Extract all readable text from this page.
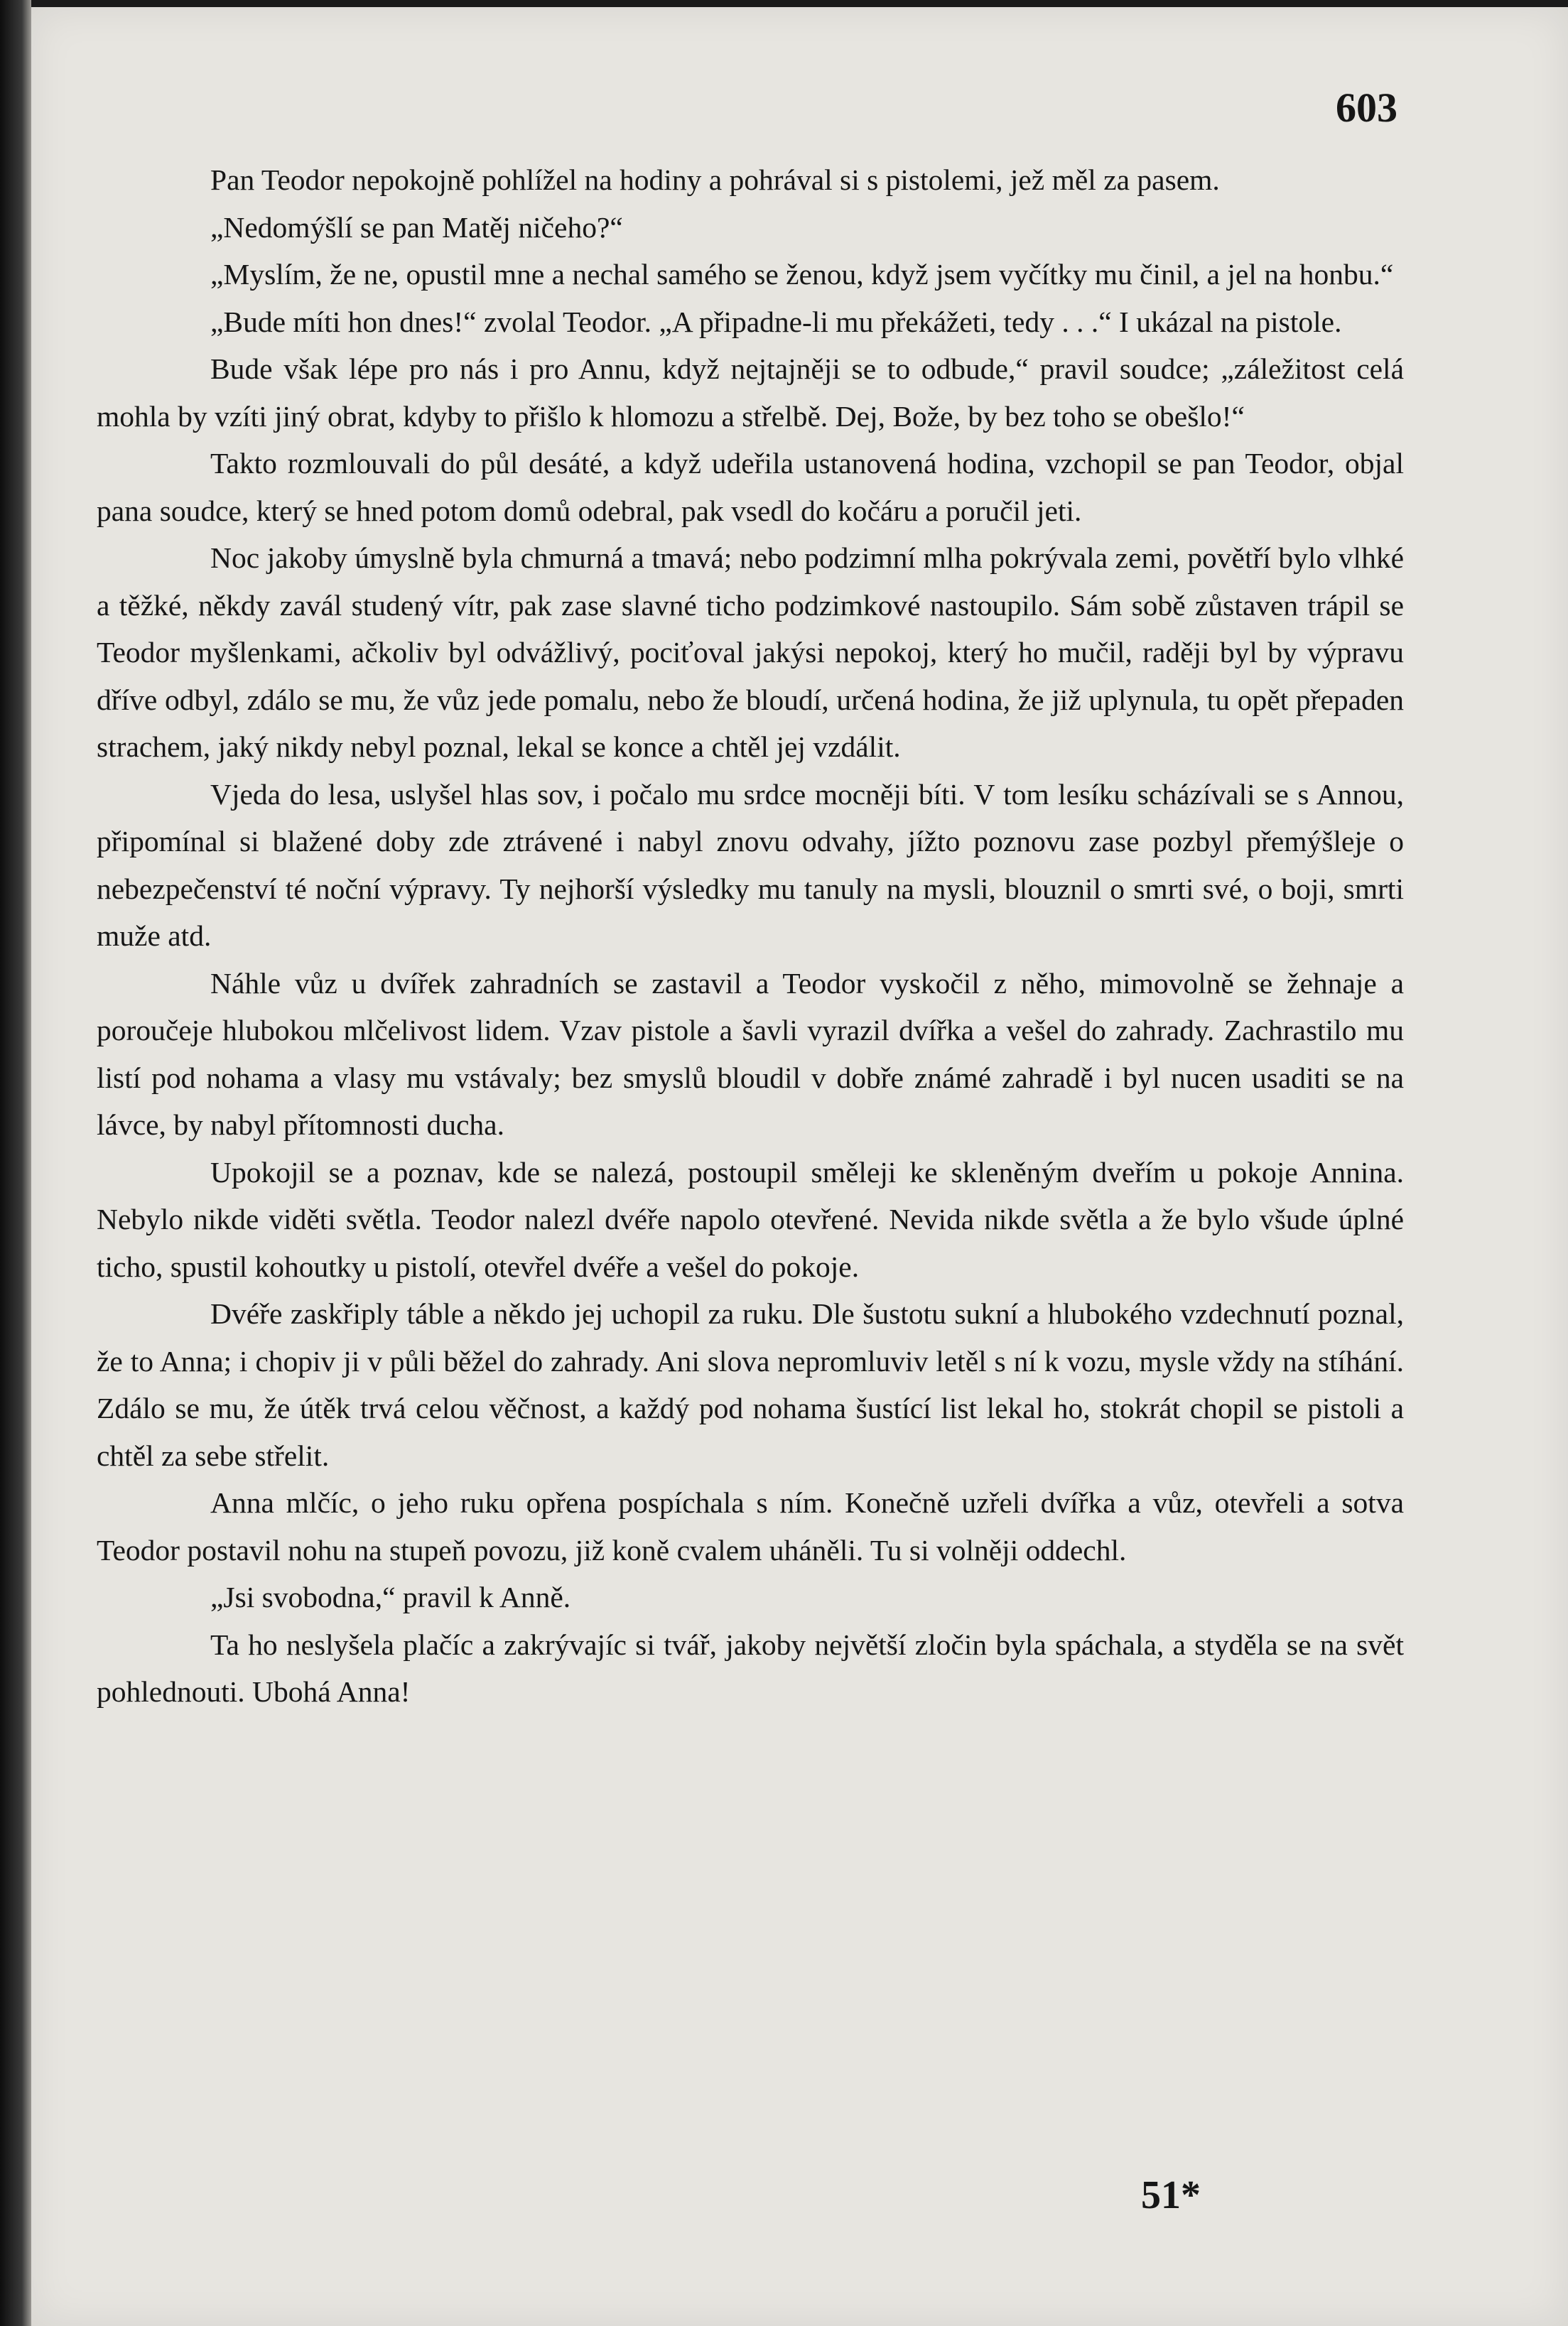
603

Pan Teodor nepokojně pohlížel na hodiny a pohrával si s pistolemi, jež měl za pasem.

„Nedomýšlí se pan Matěj ničeho?“

„Myslím, že ne, opustil mne a nechal samého se ženou, když jsem vyčítky mu činil, a jel na honbu.“

„Bude míti hon dnes!“ zvolal Teodor. „A připadne-li mu překážeti, tedy . . .“ I ukázal na pistole.

Bude však lépe pro nás i pro Annu, když nejtajněji se to odbude,“ pravil soudce; „záležitost celá mohla by vzíti jiný obrat, kdyby to přišlo k hlomozu a střelbě. Dej, Bože, by bez toho se obešlo!“

Takto rozmlouvali do půl desáté, a když udeřila ustanovená hodina, vzchopil se pan Teodor, objal pana soudce, který se hned potom domů odebral, pak vsedl do kočáru a poručil jeti.

Noc jakoby úmyslně byla chmurná a tmavá; nebo podzimní mlha pokrývala zemi, povětří bylo vlhké a těžké, někdy zavál studený vítr, pak zase slavné ticho podzimkové nastoupilo. Sám sobě zůstaven trápil se Teodor myšlenkami, ačkoliv byl odvážlivý, pociťoval jakýsi nepokoj, který ho mučil, raději byl by výpravu dříve odbyl, zdálo se mu, že vůz jede pomalu, nebo že bloudí, určená hodina, že již uplynula, tu opět přepaden strachem, jaký nikdy nebyl poznal, lekal se konce a chtěl jej vzdálit.

Vjeda do lesa, uslyšel hlas sov, i počalo mu srdce mocněji bíti. V tom lesíku scházívali se s Annou, připomínal si blažené doby zde ztrávené i nabyl znovu odvahy, jížto poznovu zase pozbyl přemýšleje o nebezpečenství té noční výpravy. Ty nejhorší výsledky mu tanuly na mysli, blouznil o smrti své, o boji, smrti muže atd.

Náhle vůz u dvířek zahradních se zastavil a Teodor vyskočil z něho, mimovolně se žehnaje a poroučeje hlubokou mlčelivost lidem. Vzav pistole a šavli vyrazil dvířka a vešel do zahrady. Zachrastilo mu listí pod nohama a vlasy mu vstávaly; bez smyslů bloudil v dobře známé zahradě i byl nucen usaditi se na lávce, by nabyl přítomnosti ducha.

Upokojil se a poznav, kde se nalezá, postoupil směleji ke skleněným dveřím u pokoje Annina. Nebylo nikde viděti světla. Teodor nalezl dvéře napolo otevřené. Nevida nikde světla a že bylo všude úplné ticho, spustil kohoutky u pistolí, otevřel dvéře a vešel do pokoje.

Dvéře zaskřiply táble a někdo jej uchopil za ruku. Dle šustotu sukní a hlubokého vzdechnutí poznal, že to Anna; i chopiv ji v půli běžel do zahrady. Ani slova nepromluviv letěl s ní k vozu, mysle vždy na stíhání. Zdálo se mu, že útěk trvá celou věčnost, a každý pod nohama šustící list lekal ho, stokrát chopil se pistoli a chtěl za sebe střelit.

Anna mlčíc, o jeho ruku opřena pospíchala s ním. Konečně uzřeli dvířka a vůz, otevřeli a sotva Teodor postavil nohu na stupeň povozu, již koně cvalem uháněli. Tu si volněji oddechl.

„Jsi svobodna,“ pravil k Anně.

Ta ho neslyšela plačíc a zakrývajíc si tvář, jakoby největší zločin byla spáchala, a styděla se na svět pohlednouti. Ubohá Anna!

51*
